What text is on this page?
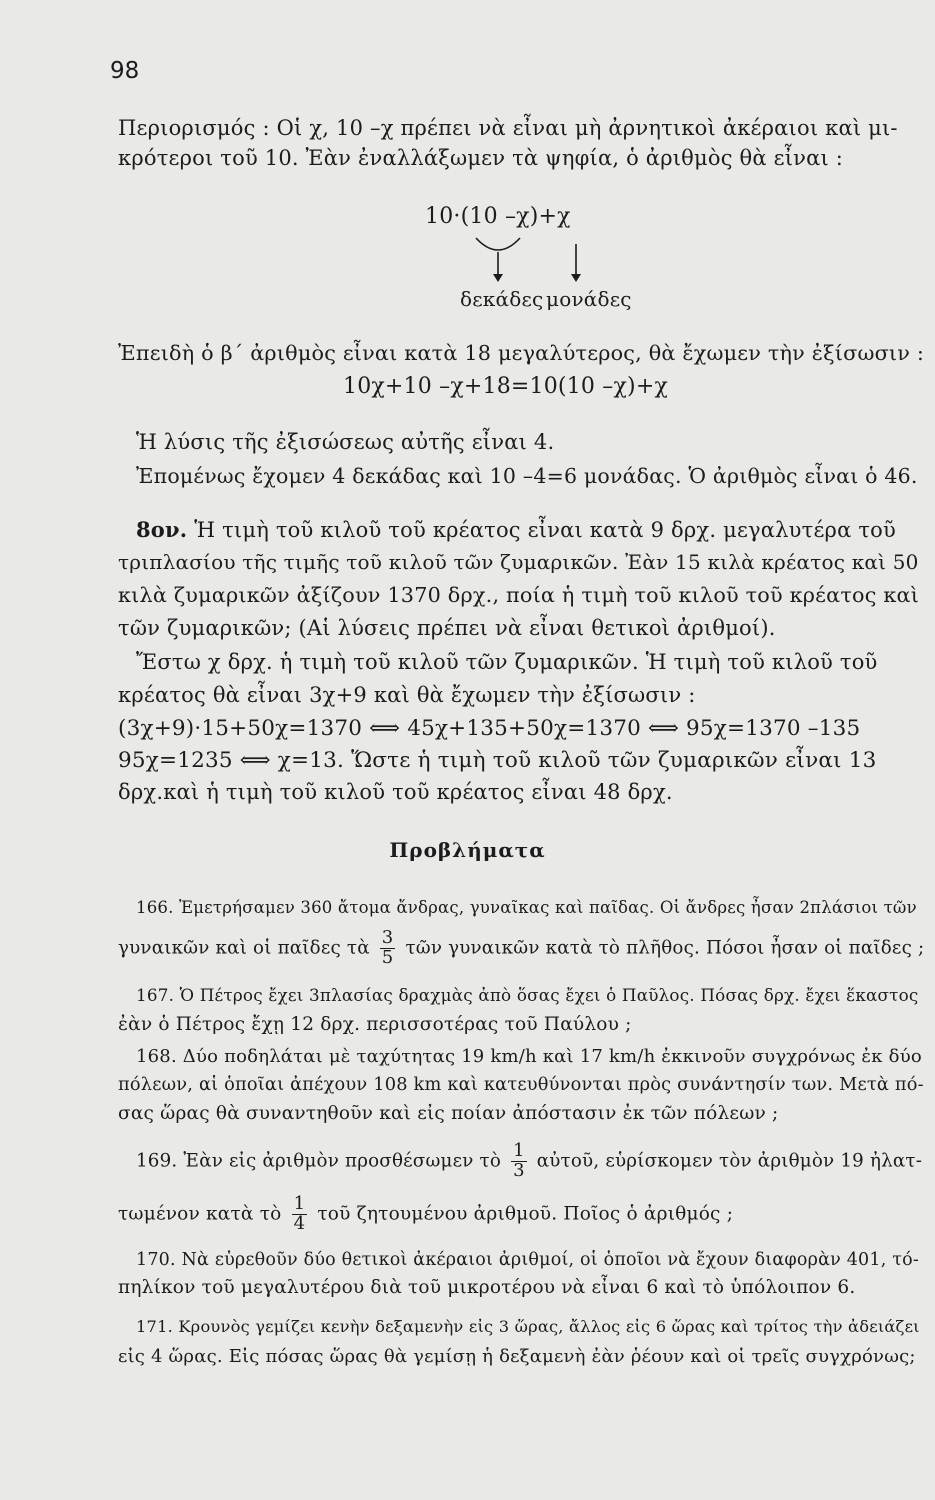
98
Περιορισμός : Οἱ χ, 10 –χ πρέπει νὰ εἶναι μὴ ἀρνητικοὶ ἀκέραιοι καὶ μι-
κρότεροι τοῦ 10. Ἐὰν ἐναλλάξωμεν τὰ ψηφία, ὁ ἀριθμὸς θὰ εἶναι :
10·(10 –χ)+χ
δεκάδες μονάδες
Ἐπειδὴ ὁ β΄ ἀριθμὸς εἶναι κατὰ 18 μεγαλύτερος, θὰ ἔχωμεν τὴν ἐξίσωσιν :
10χ+10 –χ+18=10(10 –χ)+χ
Ἡ λύσις τῆς ἐξισώσεως αὐτῆς εἶναι 4.
Ἐπομένως ἔχομεν 4 δεκάδας καὶ 10 –4=6 μονάδας. Ὁ ἀριθμὸς εἶναι ὁ 46.
8ον. Ἡ τιμὴ τοῦ κιλοῦ τοῦ κρέατος εἶναι κατὰ 9 δρχ. μεγαλυτέρα τοῦ
τριπλασίου τῆς τιμῆς τοῦ κιλοῦ τῶν ζυμαρικῶν. Ἐὰν 15 κιλὰ κρέατος καὶ 50
κιλὰ ζυμαρικῶν ἀξίζουν 1370 δρχ., ποία ἡ τιμὴ τοῦ κιλοῦ τοῦ κρέατος καὶ
τῶν ζυμαρικῶν; (Αἱ λύσεις πρέπει νὰ εἶναι θετικοὶ ἀριθμοί).
Ἔστω χ δρχ. ἡ τιμὴ τοῦ κιλοῦ τῶν ζυμαρικῶν. Ἡ τιμὴ τοῦ κιλοῦ τοῦ
κρέατος θὰ εἶναι 3χ+9 καὶ θὰ ἔχωμεν τὴν ἐξίσωσιν :
(3χ+9)·15+50χ=1370 ⟺ 45χ+135+50χ=1370 ⟺ 95χ=1370 –135
95χ=1235 ⟺ χ=13. Ὥστε ἡ τιμὴ τοῦ κιλοῦ τῶν ζυμαρικῶν εἶναι 13
δρχ.καὶ ἡ τιμὴ τοῦ κιλοῦ τοῦ κρέατος εἶναι 48 δρχ.
Προβλήματα
166. Ἐμετρήσαμεν 360 ἄτομα ἄνδρας, γυναῖκας καὶ παῖδας. Οἱ ἄνδρες ἦσαν 2πλάσιοι τῶν
γυναικῶν καὶ οἱ παῖδες τὰ $\frac{3}{5}$ τῶν γυναικῶν κατὰ τὸ πλῆθος. Πόσοι ἦσαν οἱ παῖδες ;
167. Ὁ Πέτρος ἔχει 3πλασίας δραχμὰς ἀπὸ ὅσας ἔχει ὁ Παῦλος. Πόσας δρχ. ἔχει ἕκαστος
ἐὰν ὁ Πέτρος ἔχῃ 12 δρχ. περισσοτέρας τοῦ Παύλου ;
168. Δύο ποδηλάται μὲ ταχύτητας 19 km/h καὶ 17 km/h ἐκκινοῦν συγχρόνως ἐκ δύο
πόλεων, αἱ ὁποῖαι ἀπέχουν 108 km καὶ κατευθύνονται πρὸς συνάντησίν των. Μετὰ πό-
σας ὥρας θὰ συναντηθοῦν καὶ εἰς ποίαν ἀπόστασιν ἐκ τῶν πόλεων ;
169. Ἐὰν εἰς ἀριθμὸν προσθέσωμεν τὸ $\frac{1}{3}$ αὐτοῦ, εὑρίσκομεν τὸν ἀριθμὸν 19 ἠλατ-
τωμένον κατὰ τὸ $\frac{1}{4}$ τοῦ ζητουμένου ἀριθμοῦ. Ποῖος ὁ ἀριθμός ;
170. Νὰ εὑρεθοῦν δύο θετικοὶ ἀκέραιοι ἀριθμοί, οἱ ὁποῖοι νὰ ἔχουν διαφορὰν 401, τό-
πηλίκον τοῦ μεγαλυτέρου διὰ τοῦ μικροτέρου νὰ εἶναι 6 καὶ τὸ ὑπόλοιπον 6.
171. Κρουνὸς γεμίζει κενὴν δεξαμενὴν εἰς 3 ὥρας, ἄλλος εἰς 6 ὥρας καὶ τρίτος τὴν ἀδειάζει
εἰς 4 ὥρας. Εἰς πόσας ὥρας θὰ γεμίσῃ ἡ δεξαμενὴ ἐὰν ῥέουν καὶ οἱ τρεῖς συγχρόνως;
